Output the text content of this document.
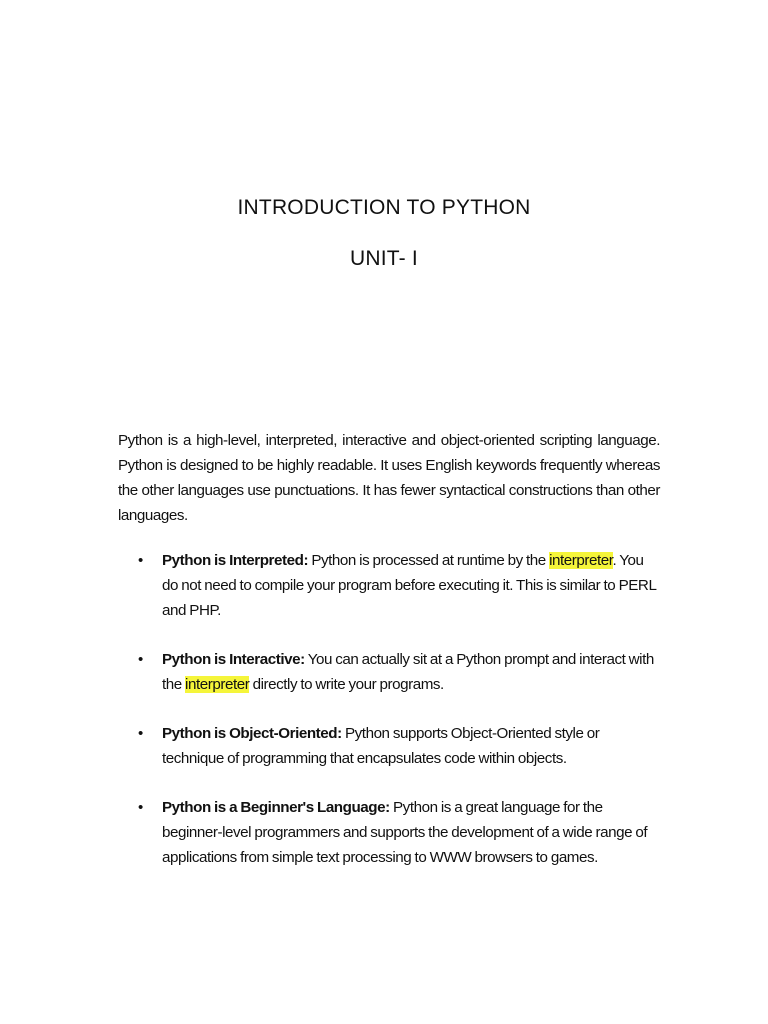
INTRODUCTION TO PYTHON
UNIT- I

Python is a high-level, interpreted, interactive and object-oriented scripting language. Python is designed to be highly readable. It uses English keywords frequently whereas the other languages use punctuations. It has fewer syntactical constructions than other languages.

• Python is Interpreted: Python is processed at runtime by the interpreter. You do not need to compile your program before executing it. This is similar to PERL and PHP.
• Python is Interactive: You can actually sit at a Python prompt and interact with the interpreter directly to write your programs.
• Python is Object-Oriented: Python supports Object-Oriented style or technique of programming that encapsulates code within objects.
• Python is a Beginner's Language: Python is a great language for the beginner-level programmers and supports the development of a wide range of applications from simple text processing to WWW browsers to games.
